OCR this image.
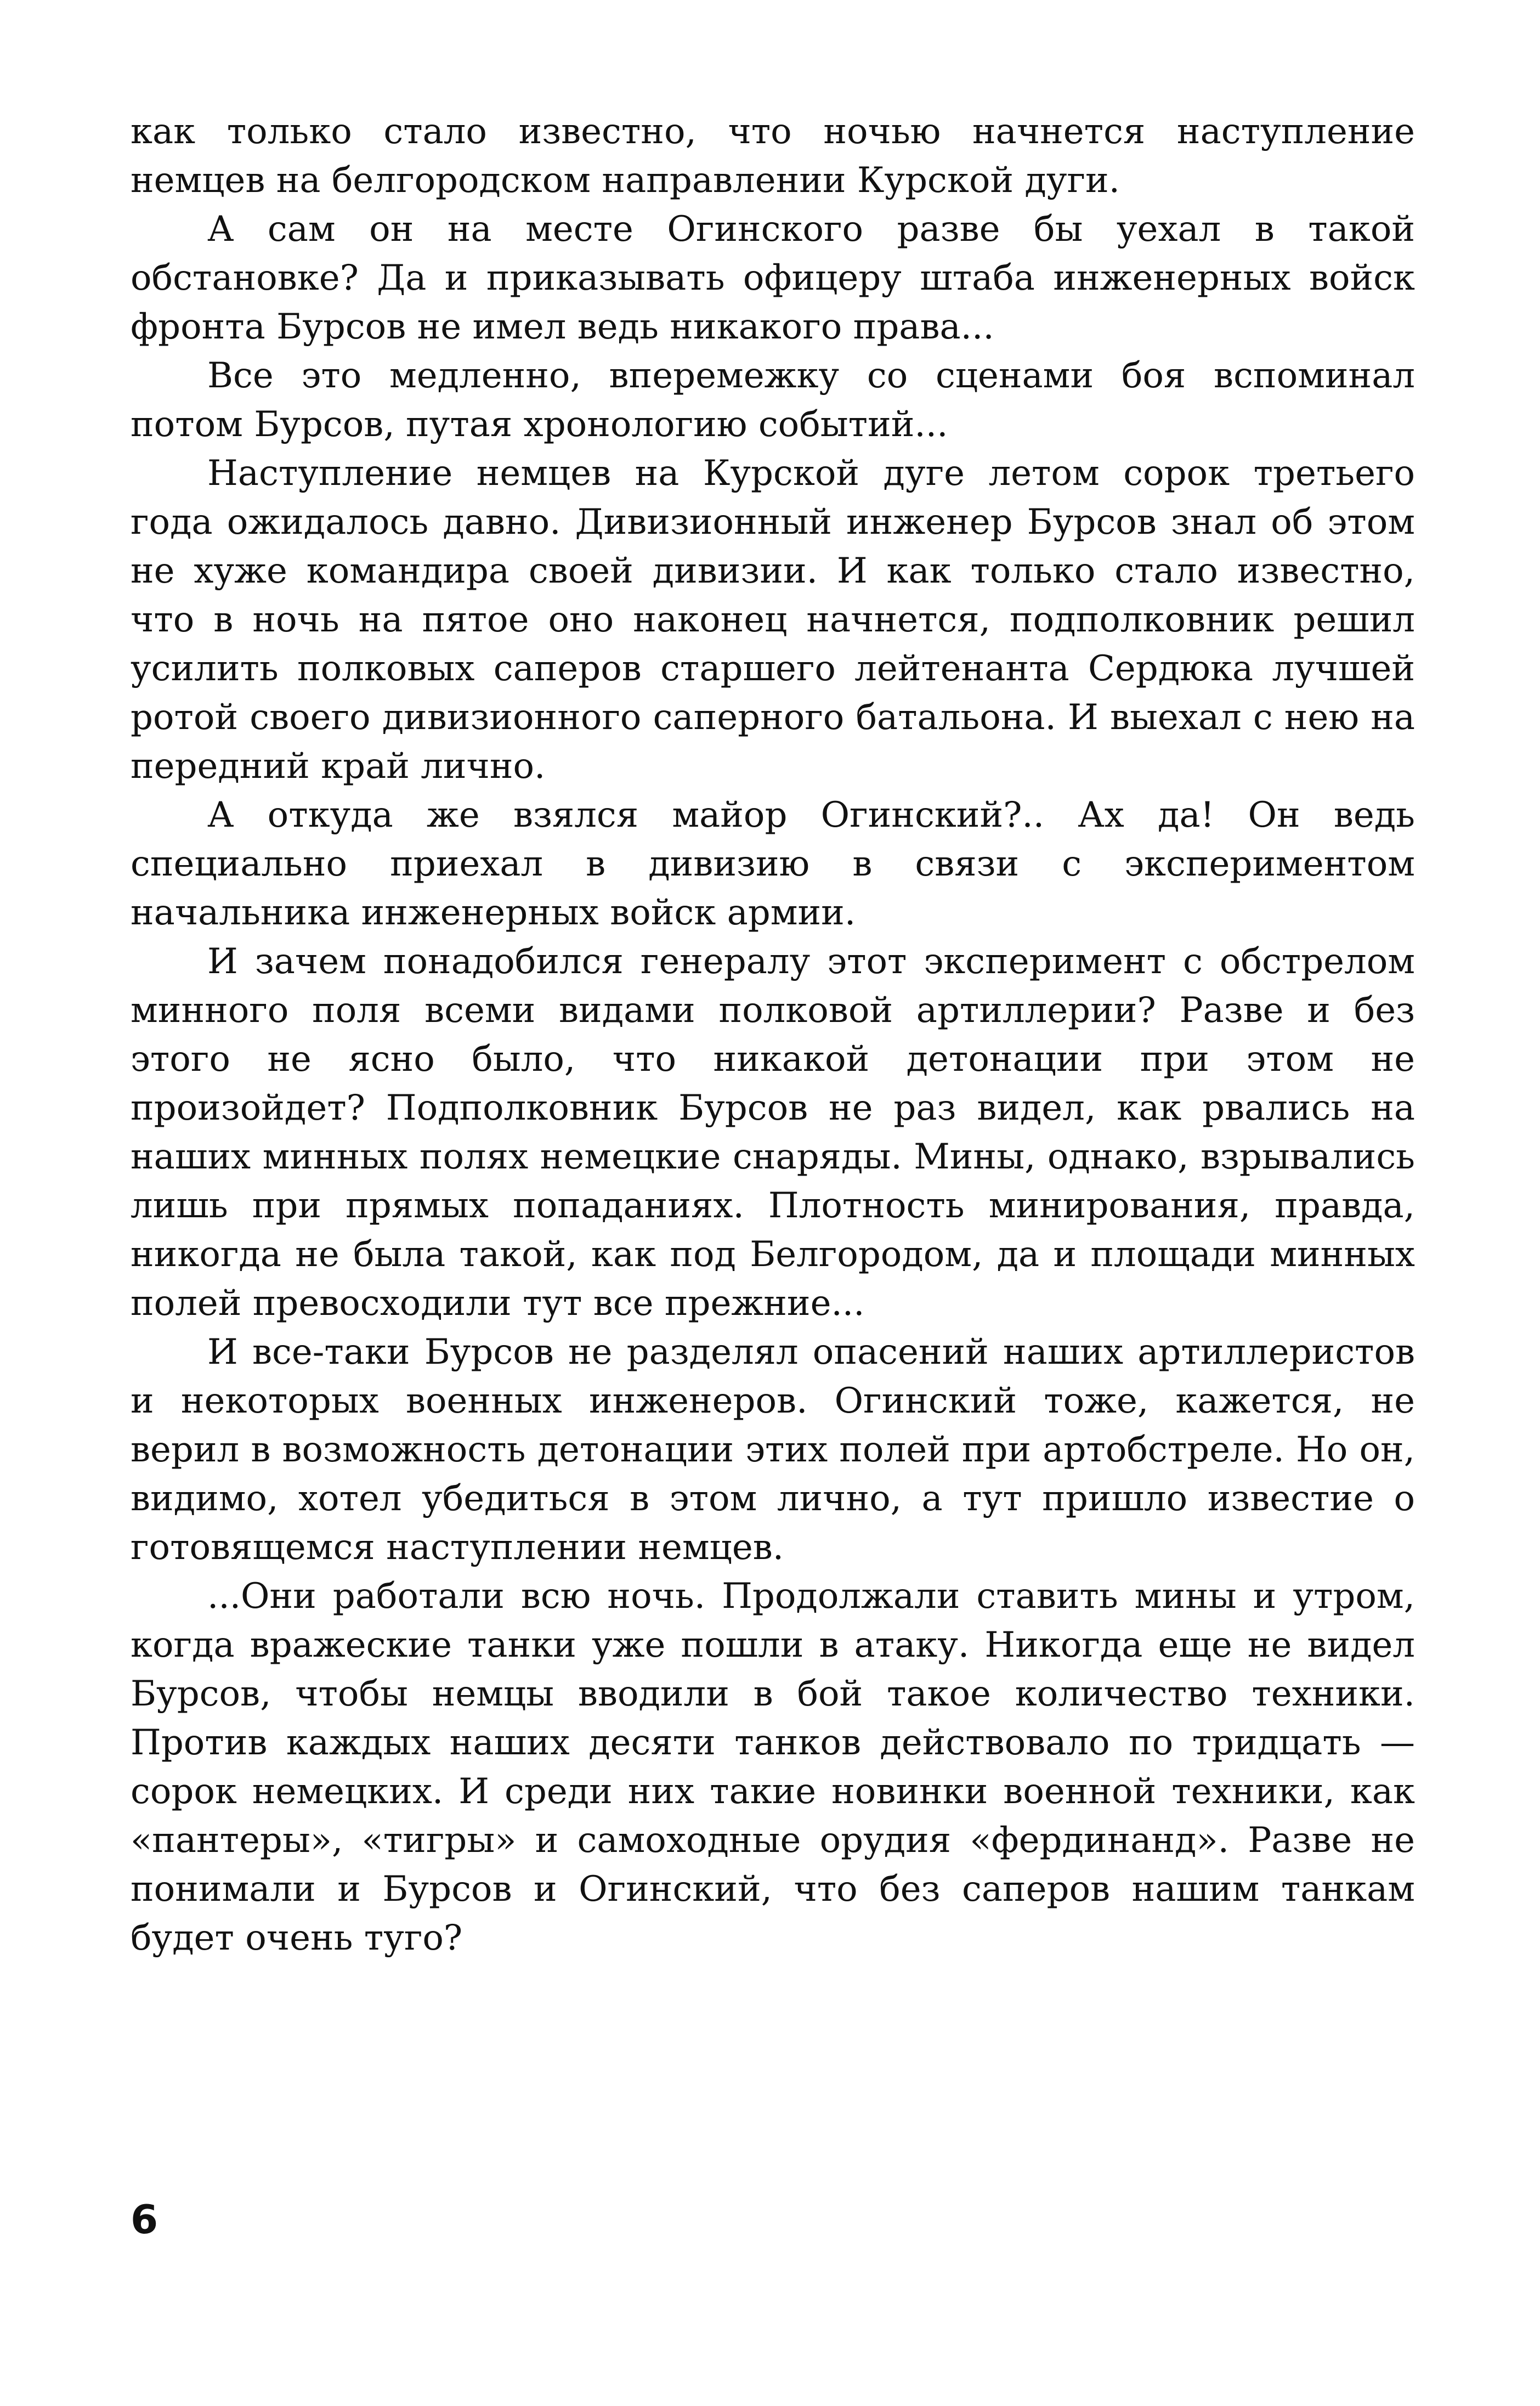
как только стало известно, что ночью начнется наступление немцев на белгородском направлении Курской дуги.

А сам он на месте Огинского разве бы уехал в такой обстановке? Да и приказывать офицеру штаба инженерных войск фронта Бурсов не имел ведь никакого права...

Все это медленно, вперемежку со сценами боя вспоминал потом Бурсов, путая хронологию событий...

Наступление немцев на Курской дуге летом сорок третьего года ожидалось давно. Дивизионный инженер Бурсов знал об этом не хуже командира своей дивизии. И как только стало известно, что в ночь на пятое оно наконец начнется, подполковник решил усилить полковых саперов старшего лейтенанта Сердюка лучшей ротой своего дивизионного саперного батальона. И выехал с нею на передний край лично.

А откуда же взялся майор Огинский?.. Ах да! Он ведь специально приехал в дивизию в связи с экспериментом начальника инженерных войск армии.

И зачем понадобился генералу этот эксперимент с обстрелом минного поля всеми видами полковой артиллерии? Разве и без этого не ясно было, что никакой детонации при этом не произойдет? Подполковник Бурсов не раз видел, как рвались на наших минных полях немецкие снаряды. Мины, однако, взрывались лишь при прямых попаданиях. Плотность минирования, правда, никогда не была такой, как под Белгородом, да и площади минных полей превосходили тут все прежние...

И все-таки Бурсов не разделял опасений наших артиллеристов и некоторых военных инженеров. Огинский тоже, кажется, не верил в возможность детонации этих полей при артобстреле. Но он, видимо, хотел убедиться в этом лично, а тут пришло известие о готовящемся наступлении немцев.

...Они работали всю ночь. Продолжали ставить мины и утром, когда вражеские танки уже пошли в атаку. Никогда еще не видел Бурсов, чтобы немцы вводили в бой такое количество техники. Против каждых наших десяти танков действовало по тридцать — сорок немецких. И среди них такие новинки военной техники, как «пантеры», «тигры» и самоходные орудия «фердинанд». Разве не понимали и Бурсов и Огинский, что без саперов нашим танкам будет очень туго?

6
